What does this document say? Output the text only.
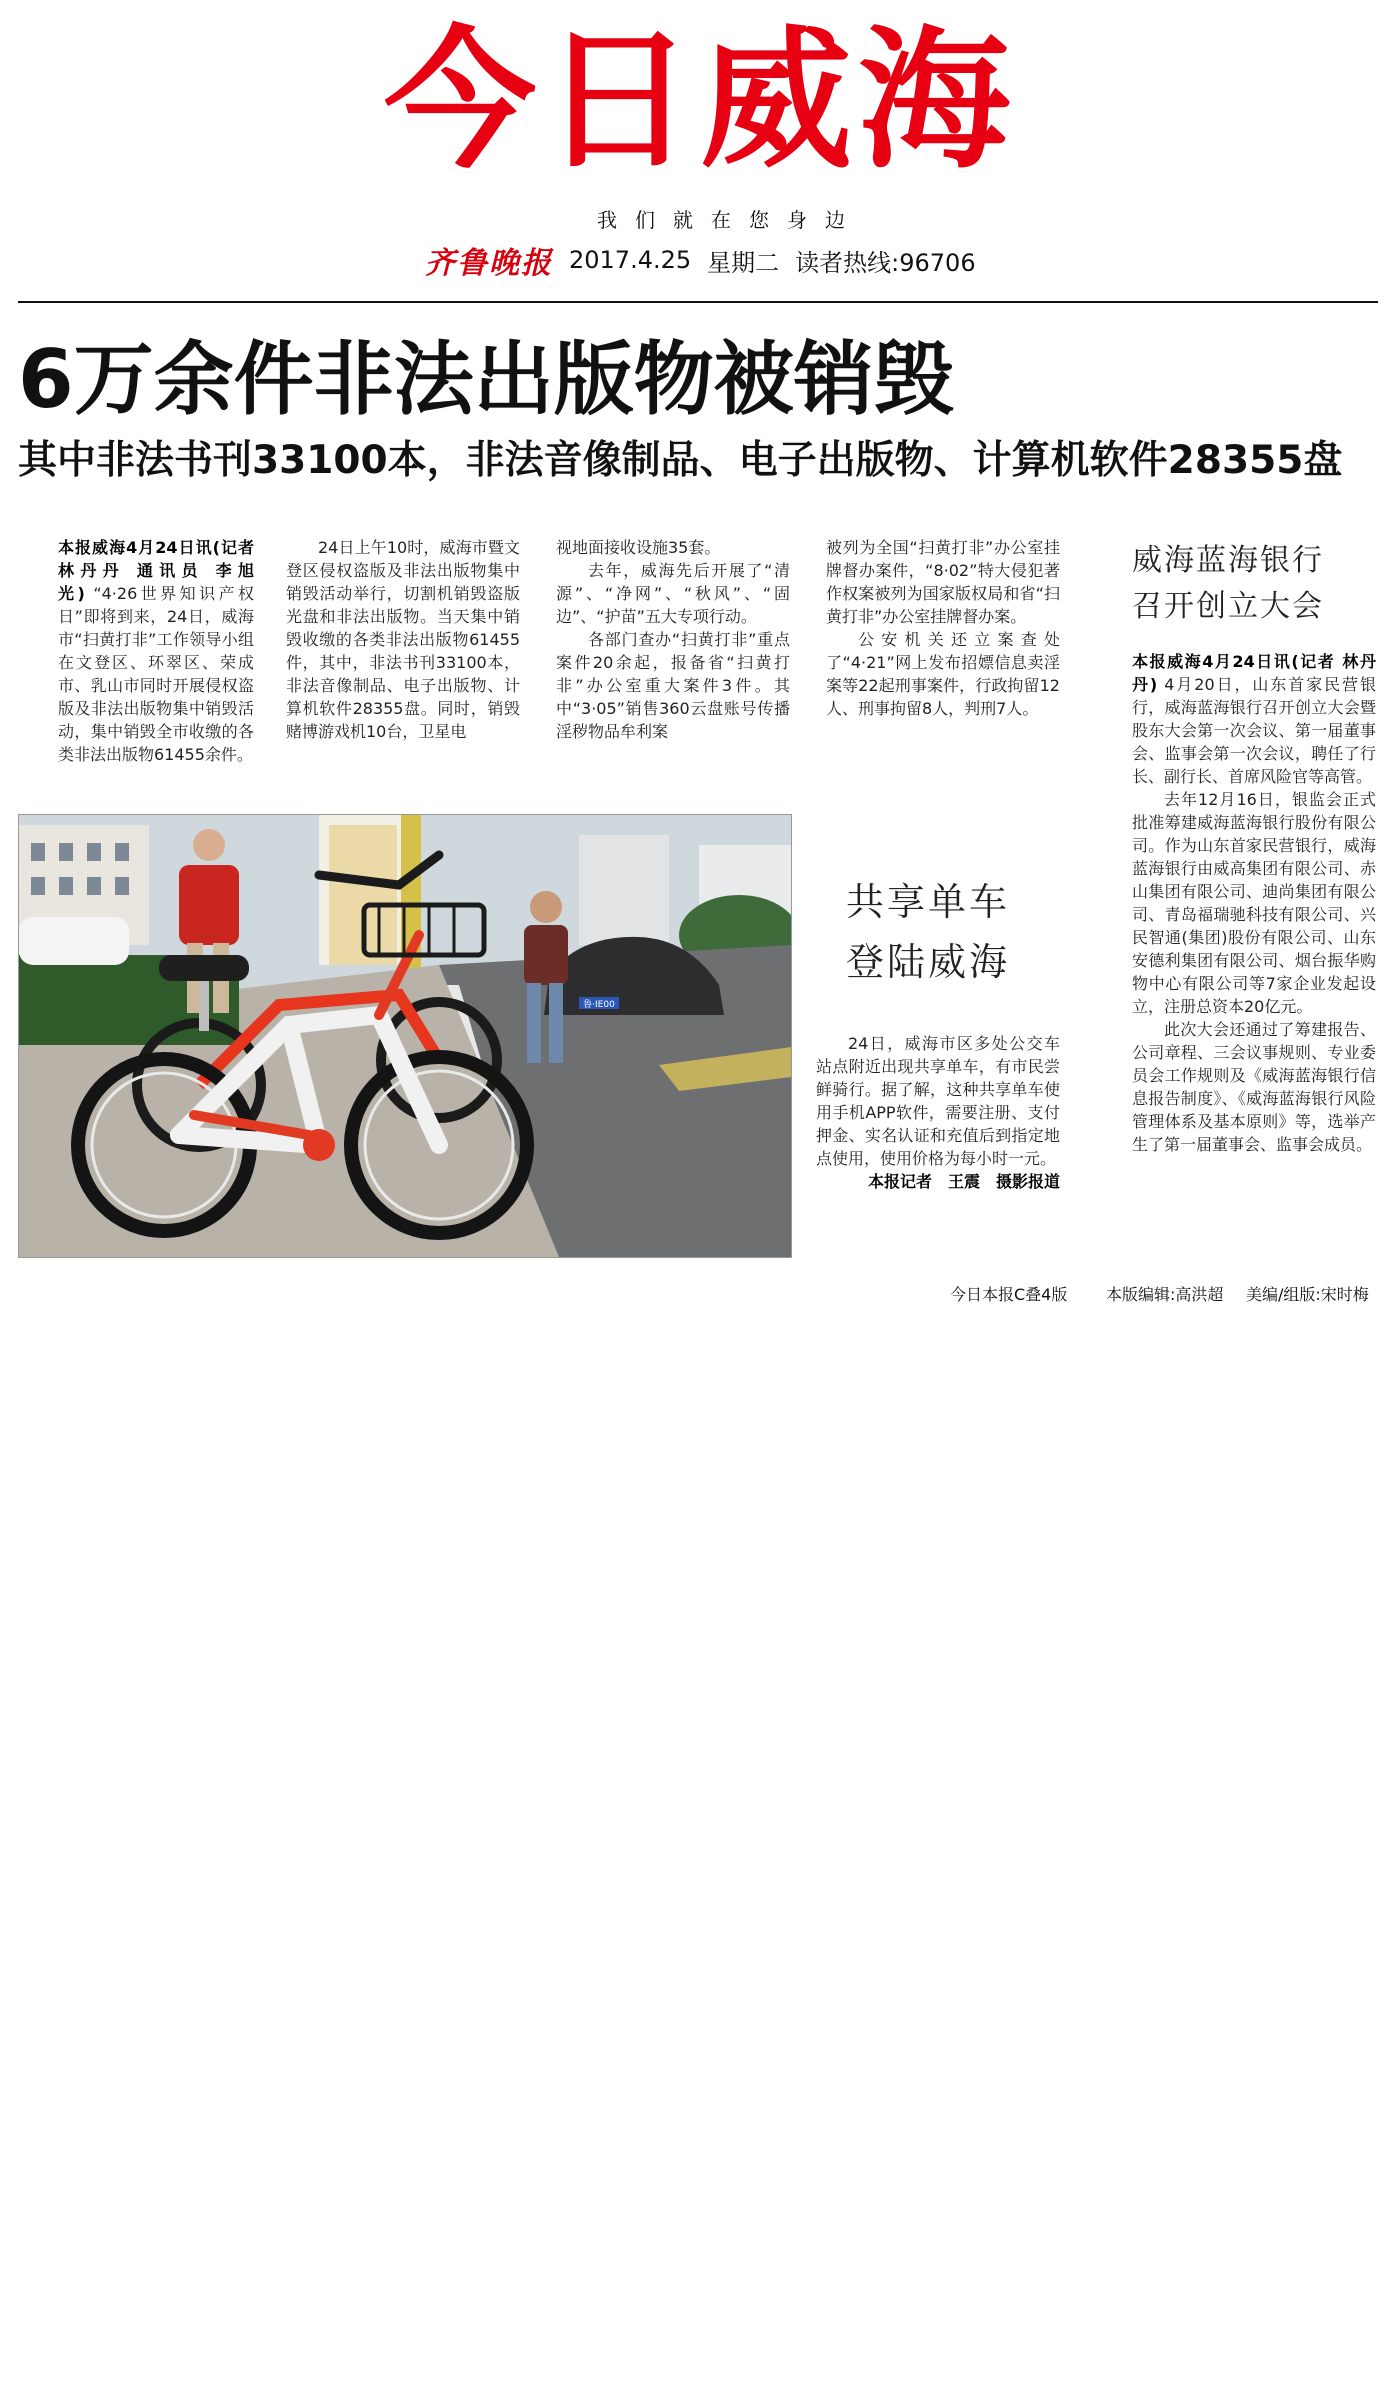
今日威海
我们就在您身边
齐鲁晚报 2017.4.25 星期二 读者热线:96706
6万余件非法出版物被销毁
其中非法书刊33100本，非法音像制品、电子出版物、计算机软件28355盘

本报威海4月24日讯(记者 林丹丹 通讯员 李旭光) “4·26世界知识产权日”即将到来，24日，威海市“扫黄打非”工作领导小组在文登区、环翠区、荣成市、乳山市同时开展侵权盗版及非法出版物集中销毁活动，集中销毁全市收缴的各类非法出版物61455余件。

24日上午10时，威海市暨文登区侵权盗版及非法出版物集中销毁活动举行，切割机销毁盗版光盘和非法出版物。当天集中销毁收缴的各类非法出版物61455件，其中，非法书刊33100本，非法音像制品、电子出版物、计算机软件28355盘。同时，销毁赌博游戏机10台，卫星电

视地面接收设施35套。

去年，威海先后开展了“清源”、“净网”、“秋风”、“固边”、“护苗”五大专项行动。

各部门查办“扫黄打非”重点案件20余起，报备省“扫黄打非”办公室重大案件3件。其中“3·05”销售360云盘账号传播淫秽物品牟利案

被列为全国“扫黄打非”办公室挂牌督办案件，“8·02”特大侵犯著作权案被列为国家版权局和省“扫黄打非”办公室挂牌督办案。

公安机关还立案查处了“4·21”网上发布招嫖信息卖淫案等22起刑事案件，行政拘留12人、刑事拘留8人，判刑7人。

威海蓝海银行
召开创立大会

本报威海4月24日讯(记者 林丹丹) 4月20日，山东首家民营银行，威海蓝海银行召开创立大会暨股东大会第一次会议、第一届董事会、监事会第一次会议，聘任了行长、副行长、首席风险官等高管。

去年12月16日，银监会正式批准筹建威海蓝海银行股份有限公司。作为山东首家民营银行，威海蓝海银行由威高集团有限公司、赤山集团有限公司、迪尚集团有限公司、青岛福瑞驰科技有限公司、兴民智通(集团)股份有限公司、山东安德利集团有限公司、烟台振华购物中心有限公司等7家企业发起设立，注册总资本20亿元。

此次大会还通过了筹建报告、公司章程、三会议事规则、专业委员会工作规则及《威海蓝海银行信息报告制度》、《威海蓝海银行风险管理体系及基本原则》等，选举产生了第一届董事会、监事会成员。

鲁·IE00
共享单车
登陆威海

24日，威海市区多处公交车站点附近出现共享单车，有市民尝鲜骑行。据了解，这种共享单车使用手机APP软件，需要注册、支付押金、实名认证和充值后到指定地点使用，使用价格为每小时一元。

本报记者　王震　摄影报道

今日本报C叠4版 本版编辑:高洪超 美编/组版:宋时梅
